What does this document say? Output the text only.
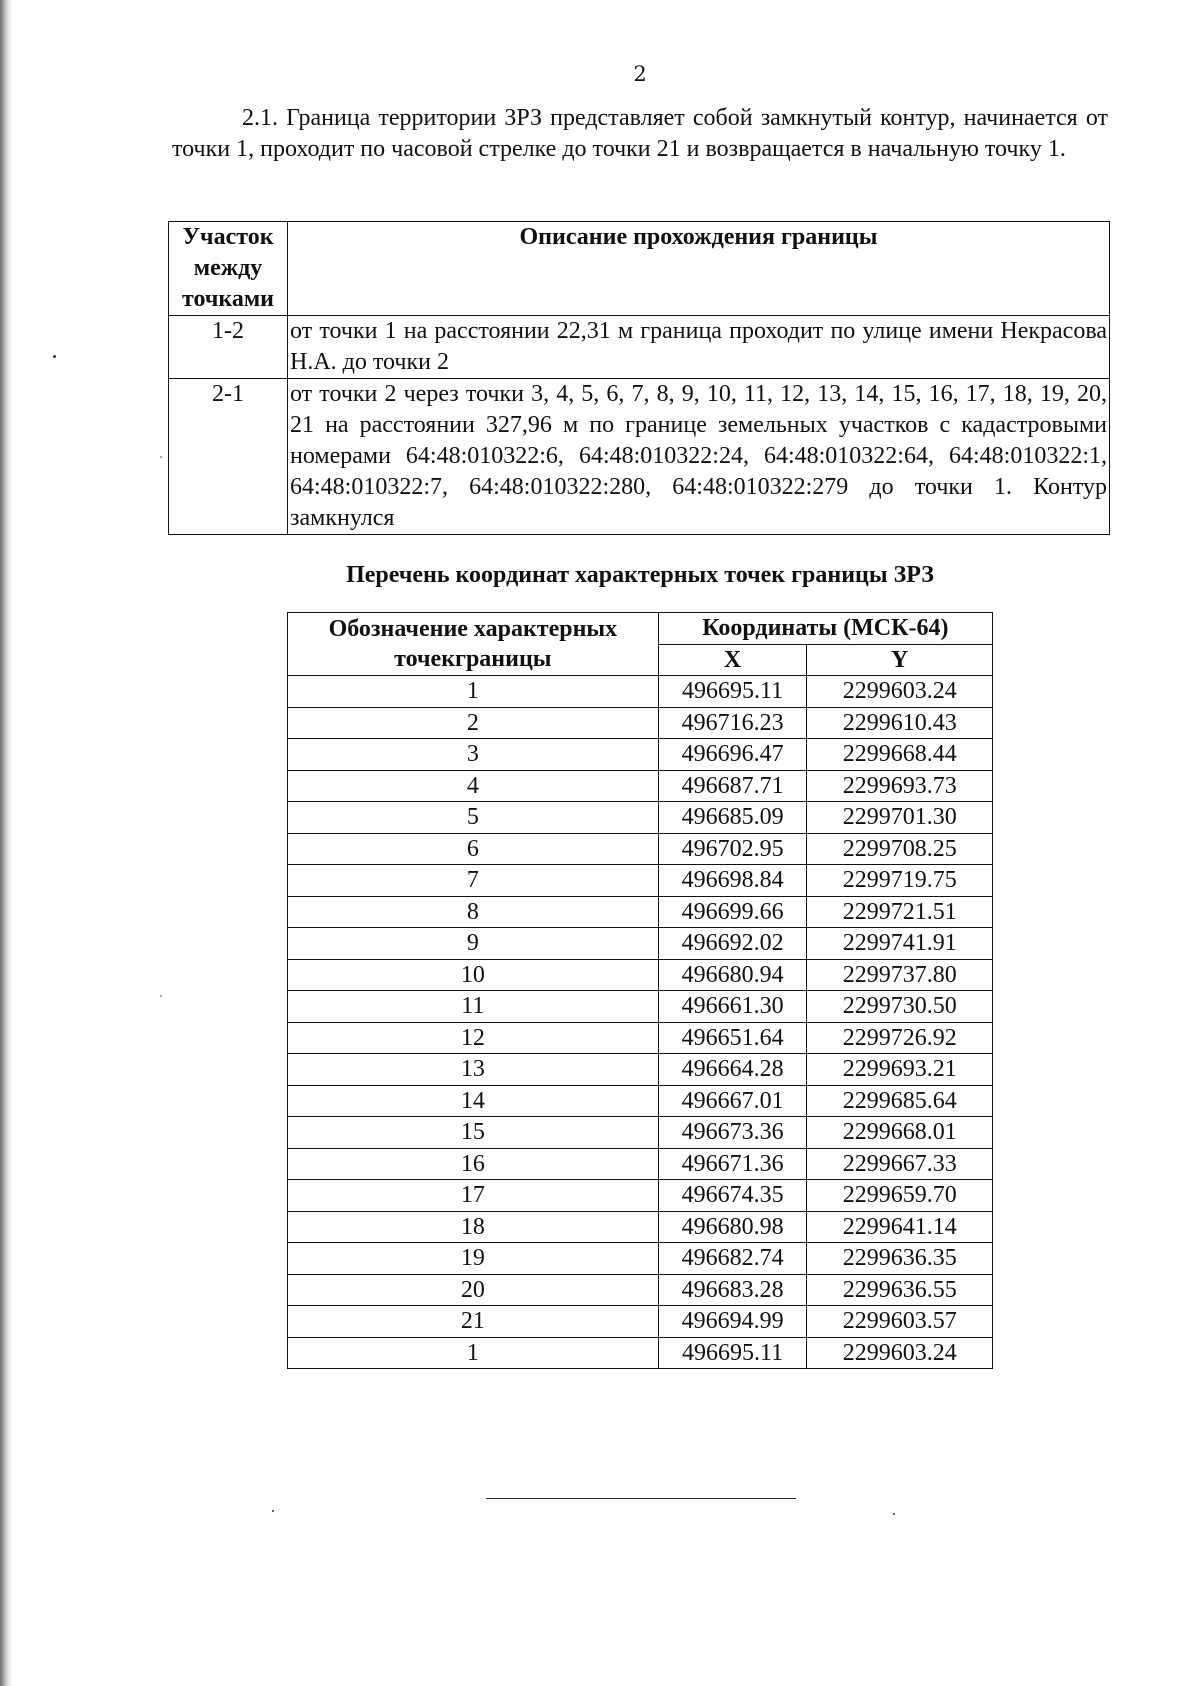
2

2.1. Граница территории ЗРЗ представляет собой замкнутый контур, начинается от точки 1, проходит по часовой стрелке до точки 21 и возвращается в начальную точку 1.

Участок между точками	Описание прохождения границы
1-2	от точки 1 на расстоянии 22,31 м граница проходит по улице имени Некрасова Н.А. до точки 2
2-1	от точки 2 через точки 3, 4, 5, 6, 7, 8, 9, 10, 11, 12, 13, 14, 15, 16, 17, 18, 19, 20, 21 на расстоянии 327,96 м по границе земельных участков с кадастровыми номерами 64:48:010322:6, 64:48:010322:24, 64:48:010322:64, 64:48:010322:1, 64:48:010322:7, 64:48:010322:280, 64:48:010322:279 до точки 1. Контур замкнулся
Перечень координат характерных точек границы ЗРЗ
Обозначение характерных точекграницы	Координаты (МСК-64)	
	X	Y
1	496695.11	2299603.24
2	496716.23	2299610.43
3	496696.47	2299668.44
4	496687.71	2299693.73
5	496685.09	2299701.30
6	496702.95	2299708.25
7	496698.84	2299719.75
8	496699.66	2299721.51
9	496692.02	2299741.91
10	496680.94	2299737.80
11	496661.30	2299730.50
12	496651.64	2299726.92
13	496664.28	2299693.21
14	496667.01	2299685.64
15	496673.36	2299668.01
16	496671.36	2299667.33
17	496674.35	2299659.70
18	496680.98	2299641.14
19	496682.74	2299636.35
20	496683.28	2299636.55
21	496694.99	2299603.57
1	496695.11	2299603.24
